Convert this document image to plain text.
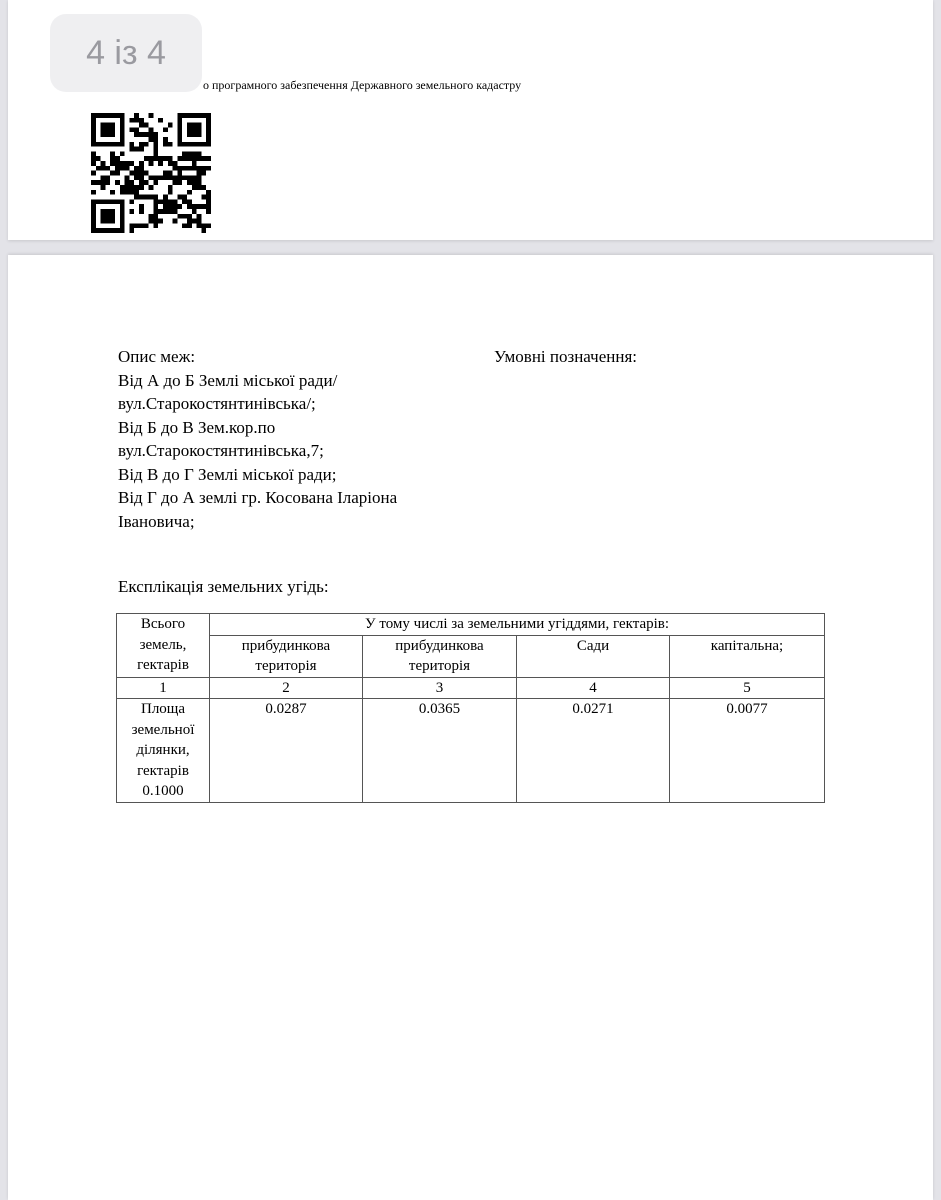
o програмного забезпечення Державного земельного кадастру
4 із 4
Опис меж:
Від А до Б Землі міської ради/
вул.Старокостянтинівська/;
Від Б до В Зем.кор.по
вул.Старокостянтинівська,7;
Від В до Г Землі міської ради;
Від Г до А землі гр. Косована Іларіона
Івановича;
Умовні позначення:
Експлікація земельних угідь:
Всього земель, гектарів	У тому числі за земельними угіддями, гектарів:			
	прибудинкова територія	прибудинкова територія	Сади	капітальна;
1	2	3	4	5
Площа земельної ділянки, гектарів 0.1000	0.0287	0.0365	0.0271	0.0077
